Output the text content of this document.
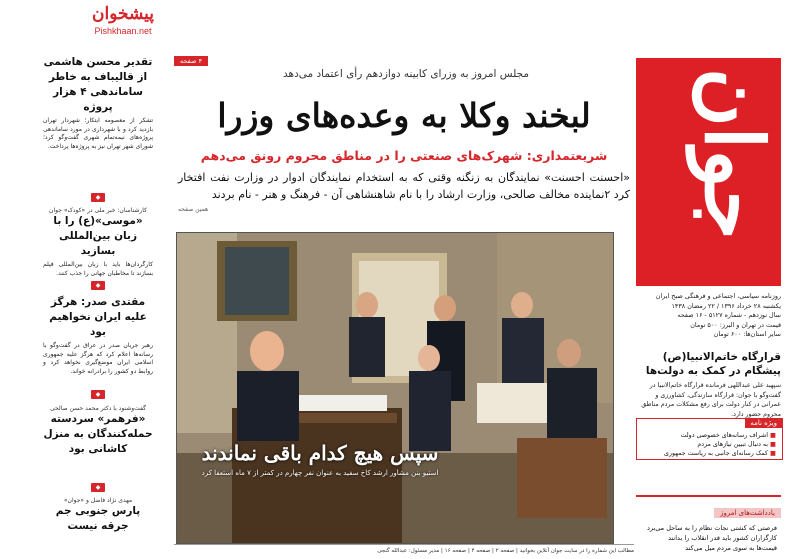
پیشخوان
Pishkhaan.net
جوان
روزنامه سیاسی، اجتماعی و فرهنگی صبح ایران
یکشنبه ۲۸ خرداد ۱۳۹۶ / ۲۲ رمضان ۱۴۳۸
سال نوزدهم - شماره ۵۱۲۷ - ۱۶ صفحه
قیمت در تهران و البرز: ۵۰۰ تومان
سایر استان‌ها: ۶۰۰ تومان
قرارگاه خاتم‌الانبیا(ص) پیشگام در کمک به دولت‌ها
سپهبد علی عبداللهی فرمانده قرارگاه خاتم‌الانبیا در گفت‌وگو با جوان: قرارگاه سازندگی، کشاورزی و عمرانی در کنار دولت برای رفع مشکلات مردم مناطق محروم حضور دارد.
ویژه نامه
■ اشراف رسانه‌های خصوصی دولت
■ به دنبال تبیین نیازهای مردم
■ کمک رسانه‌ای جانبی به ریاست جمهوری
یادداشت‌های امروز
فرصتی که کشتی نجات نظام را به ساحل می‌برد
کارگزاران کشور باید قدر انقلاب را بدانند
قیمت‌ها به سوی مردم میل می‌کند
تقدیر محسن هاشمی از قالیباف به خاطر ساماندهی ۴ هزار پروژه
تشکر از معصومه ابتکار؛ شهردار تهران بازدید کرد و با شهرداری در مورد ساماندهی پروژه‌های نیمه‌تمام شهری گفت‌وگو کرد؛ شورای شهر تهران نیز به پروژه‌ها پرداخت.
◆
کارشناسان: خبر ملی در «کودک» جوان
«موسی»(ع) را با زبان بین‌المللی بسازید
کارگردان‌ها باید با زبان بین‌المللی فیلم بسازند تا مخاطبان جهانی را جذب کنند.
◆
مقتدی صدر: هرگز علیه ایران نخواهیم بود
رهبر جریان صدر در عراق در گفت‌وگو با رسانه‌ها اعلام کرد که هرگز علیه جمهوری اسلامی ایران موضع‌گیری نخواهد کرد و روابط دو کشور را برادرانه خواند.
◆
گفت‌وشنود با دکتر محمد حسن صالحی
«فرهمر» سردسته حمله‌کنندگان به منزل کاشانی بود
◆
مهدی نژاد فاضل و «جوان»
پارس جنوبی جم جرقه نیست
۴ صفحه
مجلس امروز به وزرای کابینه دوازدهم رأی اعتماد می‌دهد
لبخند وکلا به وعده‌های وزرا
شریعتمداری: شهرک‌های صنعتی را در مناطق محروم رونق می‌دهم
«احسنت احسنت» نمایندگان به زنگنه وقتی که به استخدام نمایندگان ادوار در وزارت نفت افتخار کرد ۲نماینده مخالف صالحی، وزارت ارشاد را با نام شاهنشاهی آن - فرهنگ و هنر - نام بردند
همین صفحه
سپس هیچ کدام باقی نماندند
استیو بنن مشاور ارشد کاخ سفید به عنوان نفر چهارم در کمتر از ۷ ماه استعفا کرد
مطالب این شماره را در سایت جوان آنلاین بخوانید | صفحه ۲ | صفحه ۴ | صفحه ۱۶ | مدیر مسئول: عبدالله گنجی
